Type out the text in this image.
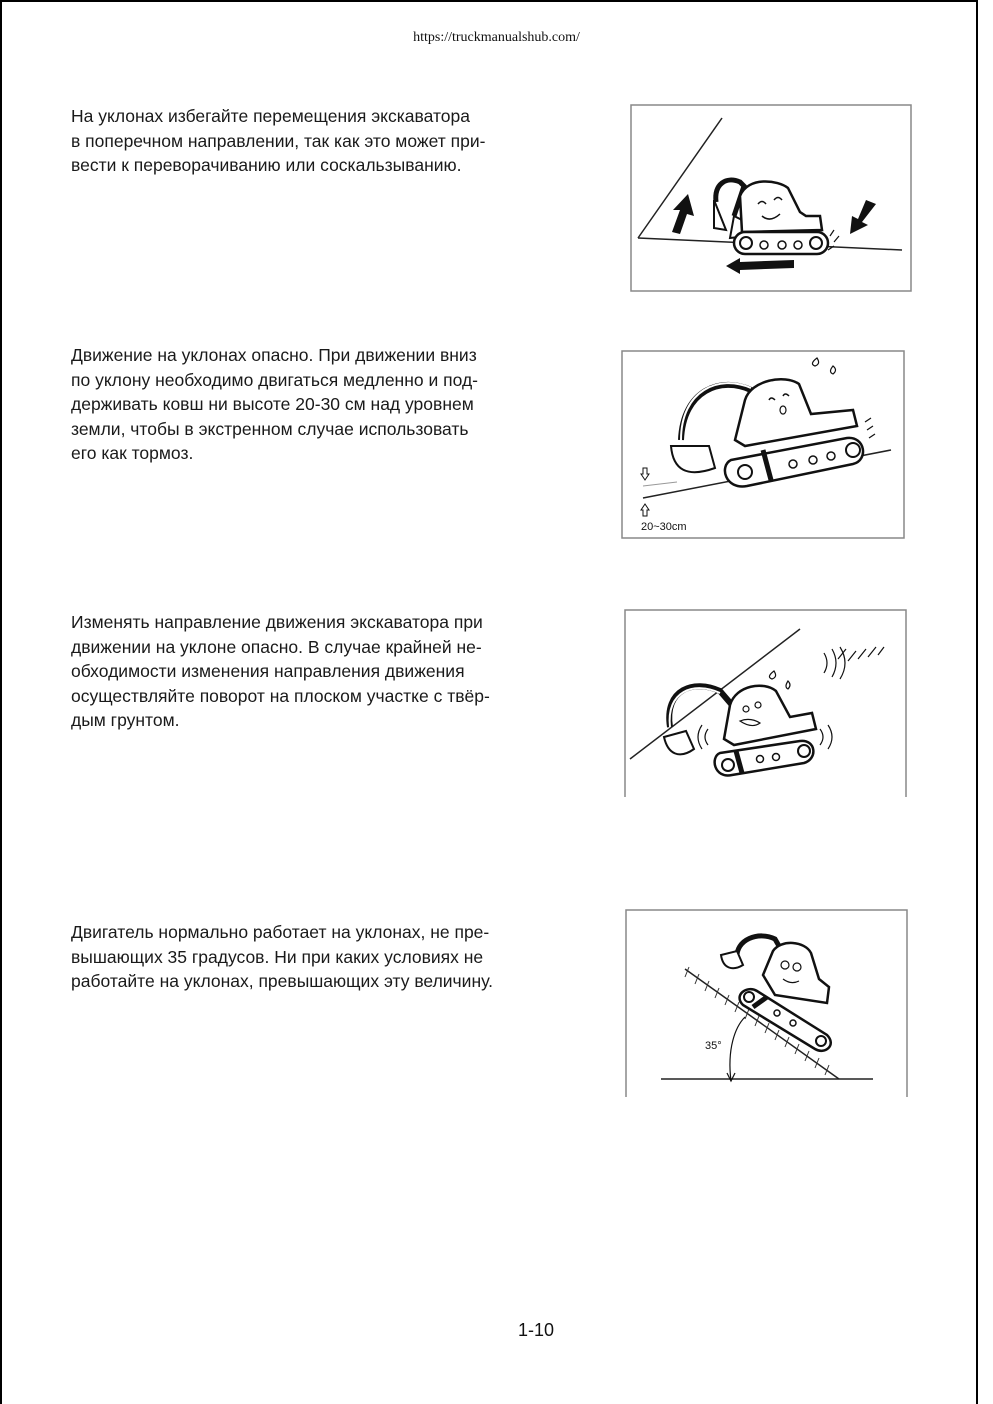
https://truckmanualshub.com/
На уклонах избегайте перемещения экскаватора
в поперечном направлении, так как это может при-
вести к переворачиванию или соскальзыванию.
Движение на уклонах опасно. При движении вниз
по уклону необходимо двигаться медленно и под-
держивать ковш ни высоте 20-30 см над уровнем
земли, чтобы в экстренном случае использовать
его как тормоз.
20~30cm
Изменять направление движения экскаватора при
движении на уклоне опасно. В случае крайней не-
обходимости изменения направления движения
осуществляйте поворот на плоском участке с твёр-
дым грунтом.
Двигатель нормально работает на уклонах, не пре-
вышающих 35 градусов. Ни при каких условиях не
работайте на уклонах, превышающих эту величину.
35°
1-10
